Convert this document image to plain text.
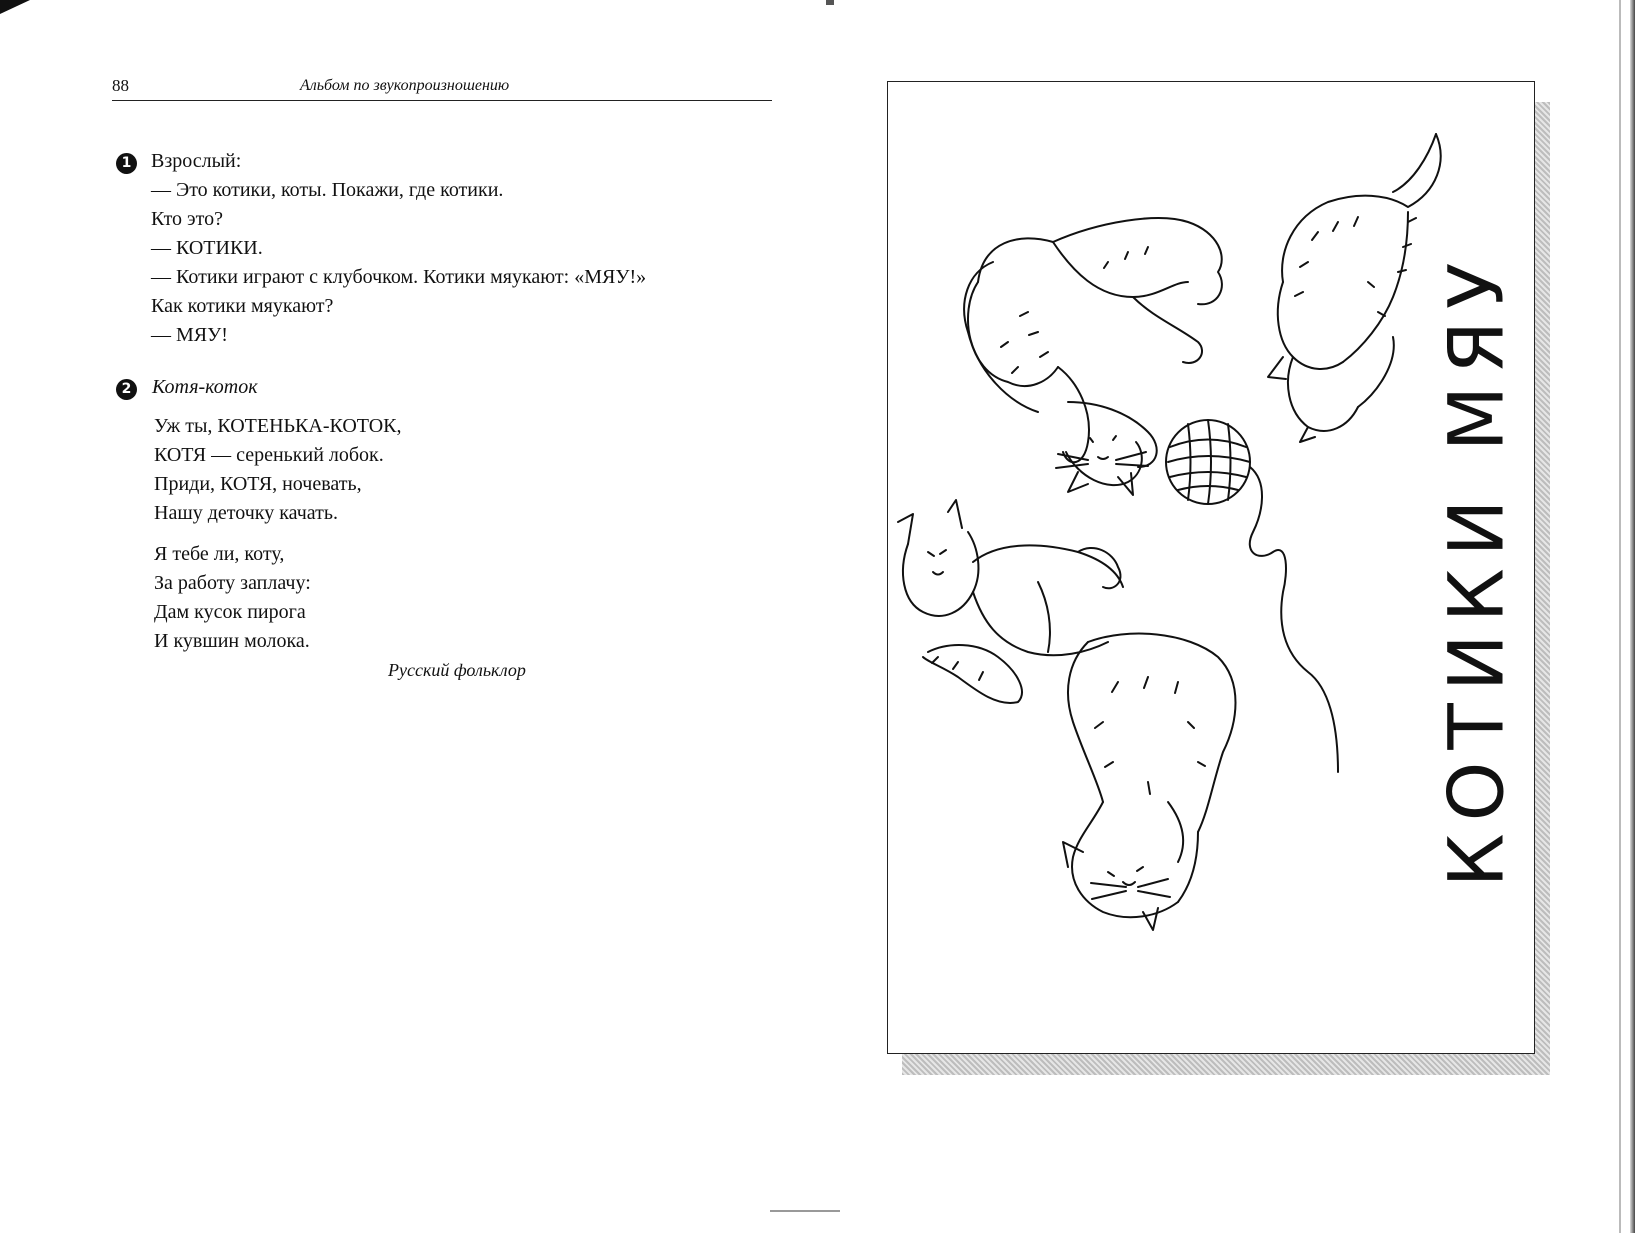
88	Альбом по звукопроизношению
1 Взрослый:
— Это котики, коты. Покажи, где котики.
Кто это?
— КОТИКИ.
— Котики играют с клубочком. Котики мяукают: «МЯУ!»
Как котики мяукают?
— МЯУ!
2 Котя-коток
Уж ты, КОТЕНЬКА-КОТОК,
КОТЯ — серенький лобок.
Приди, КОТЯ, ночевать,
Нашу деточку качать.
Я тебе ли, коту,
За работу заплачу:
Дам кусок пирога
И кувшин молока.
Русский фольклор	КОТИКИ МЯУ
